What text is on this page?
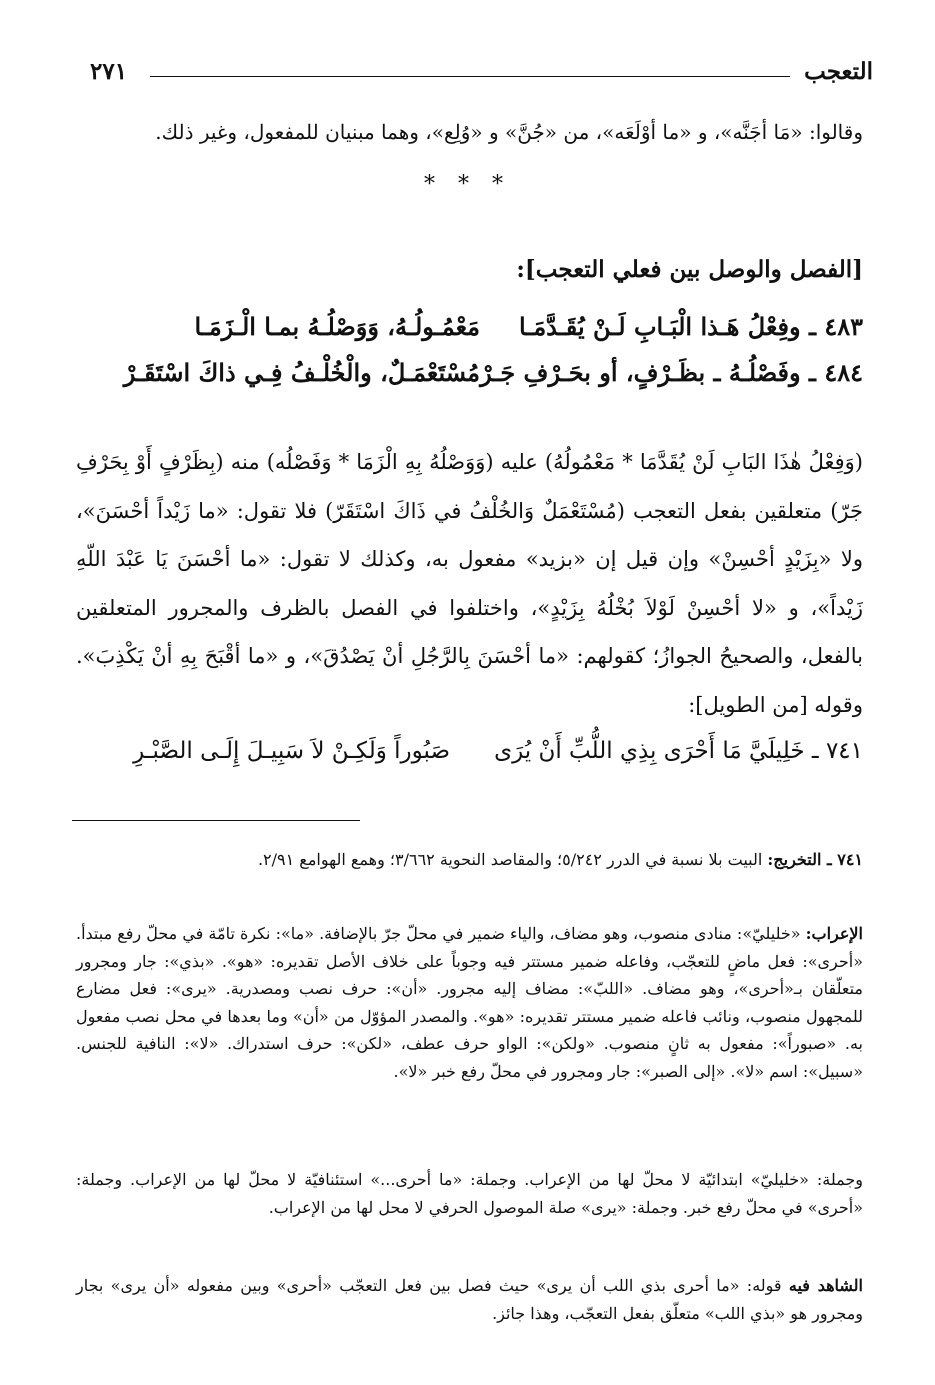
التعجب
٢٧١
وقالوا: «مَا أجَنَّه»، و «ما أوْلَعَه»، من «جُنَّ» و «وُلِع»، وهما مبنيان للمفعول، وغير ذلك.
* * *
[الفصل والوصل بين فعلي التعجب]:
٤٨٣ ـ وفِعْلُ هَـذا الْبَـابِ لَـنْ يُقَـدَّمَـا
مَعْمُـولُـهُ، وَوَصْلُـهُ بمـا الْـزَمَـا
٤٨٤ ـ وفَصْلُـهُ ـ بظَـرْفٍ، أو بحَـرْفِ جَـرْ
مُسْتَعْمَـلٌ، والْخُلْـفُ فِـي ذاكَ اسْتَقَـرْ
(وَفِعْلُ هٰذَا البَابِ لَنْ يُقَدَّمَا * مَعْمُولُهُ) عليه (وَوَصْلُهُ بِهِ الْزَمَا * وَفَصْلُه) منه (بِظَرْفٍ أَوْ بِحَرْفِ جَرّ) متعلقين بفعل التعجب (مُسْتَعْمَلٌ وَالخُلْفُ في ذَاكَ اسْتَقَرّ) فلا تقول: «ما زَيْداً أحْسَنَ»، ولا «بِزَيْدٍ أحْسِنْ» وإن قيل إن «بزيد» مفعول به، وكذلك لا تقول: «ما أحْسَنَ يَا عَبْدَ اللّهِ زَيْداً»، و «لا أحْسِنْ لَوْلاَ بُخْلُهُ بِزَيْدٍ»، واختلفوا في الفصل بالظرف والمجرور المتعلقين بالفعل، والصحيحُ الجوازُ؛ كقولهم: «ما أحْسَنَ بِالرَّجُلِ أنْ يَصْدُقَ»، و «ما أقْبَحَ بِهِ أنْ يَكْذِبَ». وقوله [من الطويل]:
٧٤١ ـ خَلِيلَيَّ مَا أَحْرَى بِذِي اللُّبِّ أَنْ يُرَى
صَبُوراً وَلَكِـنْ لاَ سَبِيـلَ إِلَـى الصَّبْـرِ
٧٤١ ـ التخريج: البيت بلا نسبة في الدرر ٥/٢٤٢؛ والمقاصد النحوية ٣/٦٦٢؛ وهمع الهوامع ٢/٩١.
الإعراب: «خليليّ»: منادى منصوب، وهو مضاف، والياء ضمير في محلّ جرّ بالإضافة. «ما»: نكرة تامّة في محلّ رفع مبتدأ. «أحرى»: فعل ماضٍ للتعجّب، وفاعله ضمير مستتر فيه وجوباً على خلاف الأصل تقديره: «هو». «بذي»: جار ومجرور متعلّقان بـ«أحرى»، وهو مضاف. «اللبّ»: مضاف إليه مجرور. «أن»: حرف نصب ومصدرية. «يرى»: فعل مضارع للمجهول منصوب، ونائب فاعله ضمير مستتر تقديره: «هو». والمصدر المؤوّل من «أن» وما بعدها في محل نصب مفعول به. «صبوراً»: مفعول به ثانٍ منصوب. «ولكن»: الواو حرف عطف، «لكن»: حرف استدراك. «لا»: النافية للجنس. «سبيل»: اسم «لا». «إلى الصبر»: جار ومجرور في محلّ رفع خبر «لا».
وجملة: «خليليّ» ابتدائيّة لا محلّ لها من الإعراب. وجملة: «ما أحرى...» استئنافيّة لا محلّ لها من الإعراب. وجملة: «أحرى» في محلّ رفع خبر. وجملة: «يرى» صلة الموصول الحرفي لا محل لها من الإعراب.
الشاهد فيه قوله: «ما أحرى بذي اللب أن يرى» حيث فصل بين فعل التعجّب «أحرى» وبين مفعوله «أن يرى» بجار ومجرور هو «بذي اللب» متعلّق بفعل التعجّب، وهذا جائز.
